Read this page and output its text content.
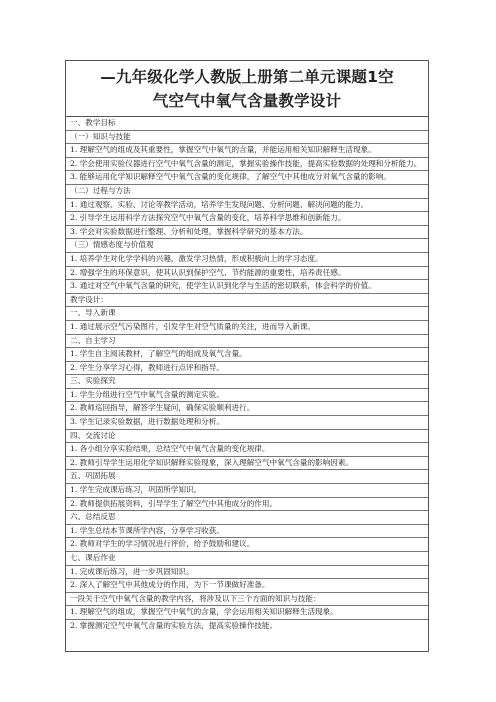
—九年级化学人教版上册第二单元课题1空
气空气中氧气含量教学设计
一、教学目标
（一）知识与技能
1. 理解空气的组成及其重要性，掌握空气中氧气的含量，并能运用相关知识解释生活现象。
2. 学会使用实验仪器进行空气中氧气含量的测定，掌握实验操作技能，提高实验数据的处理和分析能力。
3. 能够运用化学知识解释空气中氧气含量的变化规律，了解空气中其他成分对氧气含量的影响。
（二）过程与方法
1. 通过观察、实验、讨论等教学活动，培养学生发现问题、分析问题、解决问题的能力。
2. 引导学生运用科学方法探究空气中氧气含量的变化，培养科学思维和创新能力。
3. 学会对实验数据进行整理、分析和处理，掌握科学研究的基本方法。
（三）情感态度与价值观
1. 培养学生对化学学科的兴趣，激发学习热情，形成积极向上的学习态度。
2. 增强学生的环保意识，使其认识到保护空气、节约能源的重要性，培养责任感。
3. 通过对空气中氧气含量的研究，使学生认识到化学与生活的密切联系，体会科学的价值。
教学设计：
一、导入新课
1. 通过展示空气污染图片，引发学生对空气质量的关注，进而导入新课。
二、自主学习
1. 学生自主阅读教材，了解空气的组成及氧气含量。
2. 学生分享学习心得，教师进行点评和指导。
三、实验探究
1. 学生分组进行空气中氧气含量的测定实验。
2. 教师巡回指导，解答学生疑问，确保实验顺利进行。
3. 学生记录实验数据，进行数据处理和分析。
四、交流讨论
1. 各小组分享实验结果，总结空气中氧气含量的变化规律。
2. 教师引导学生运用化学知识解释实验现象，深入理解空气中氧气含量的影响因素。
五、巩固拓展
1. 学生完成课后练习，巩固所学知识。
2. 教师提供拓展资料，引导学生了解空气中其他成分的作用。
六、总结反思
1. 学生总结本节课所学内容，分享学习收获。
2. 教师对学生的学习情况进行评价，给予鼓励和建议。
七、课后作业
1. 完成课后练习，进一步巩固知识。
2. 深入了解空气中其他成分的作用，为下一节课做好准备。
一段关于空气中氧气含量的教学内容，将涉及以下三个方面的知识与技能：
1. 理解空气的组成，掌握空气中氧气的含量，学会运用相关知识解释生活现象。
2. 掌握测定空气中氧气含量的实验方法，提高实验操作技能。
